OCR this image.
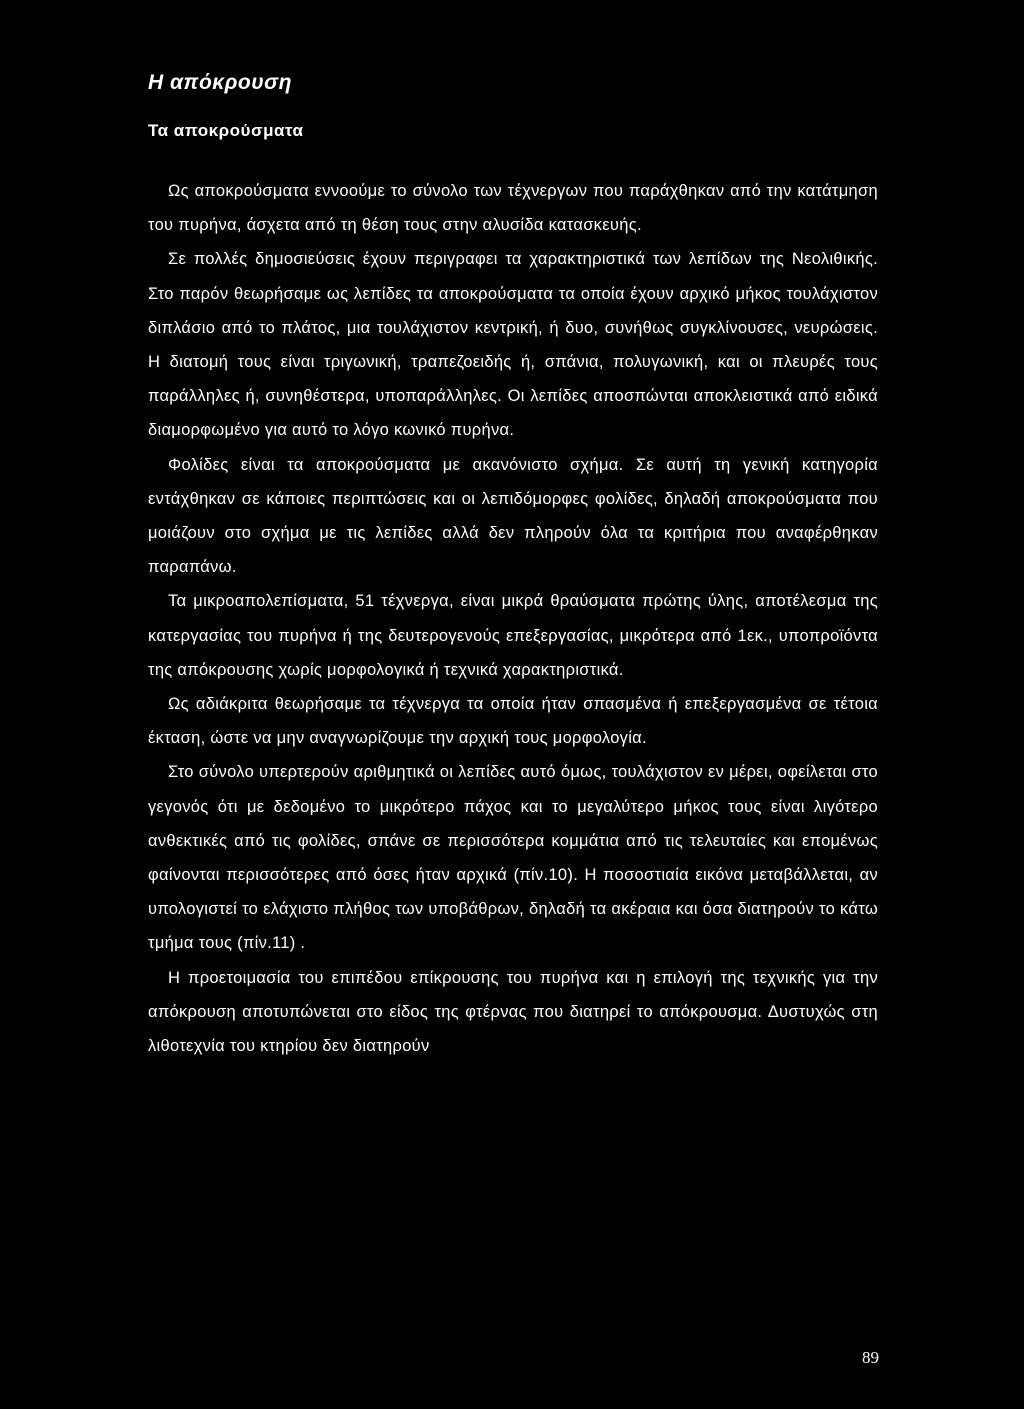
Η απόκρουση
Τα αποκρούσματα

Ως αποκρούσματα εννοούμε το σύνολο των τέχνεργων που παράχθηκαν από την κατάτμηση του πυρήνα, άσχετα από τη θέση τους στην αλυσίδα κατασκευής.

Σε πολλές δημοσιεύσεις έχουν περιγραφει τα χαρακτηριστικά των λεπίδων της Νεολιθικής. Στο παρόν θεωρήσαμε ως λεπίδες τα αποκρούσματα τα οποία έχουν αρχικό μήκος τουλάχιστον διπλάσιο από το πλάτος, μια τουλάχιστον κεντρική, ή δυο, συνήθως συγκλίνουσες, νευρώσεις. Η διατομή τους είναι τριγωνική, τραπεζοειδής ή, σπάνια, πολυγωνική, και οι πλευρές τους παράλληλες ή, συνηθέστερα, υποπαράλληλες. Οι λεπίδες αποσπώνται αποκλειστικά από ειδικά διαμορφωμένο για αυτό το λόγο κωνικό πυρήνα.

Φολίδες είναι τα αποκρούσματα με ακανόνιστο σχήμα. Σε αυτή τη γενική κατηγορία εντάχθηκαν σε κάποιες περιπτώσεις και οι λεπιδόμορφες φολίδες, δηλαδή αποκρούσματα που μοιάζουν στο σχήμα με τις λεπίδες αλλά δεν πληρούν όλα τα κριτήρια που αναφέρθηκαν παραπάνω.

Τα μικροαπολεπίσματα, 51 τέχνεργα, είναι μικρά θραύσματα πρώτης ύλης, αποτέλεσμα της κατεργασίας του πυρήνα ή της δευτερογενούς επεξεργασίας, μικρότερα από 1εκ., υποπροϊόντα της απόκρουσης χωρίς μορφολογικά ή τεχνικά χαρακτηριστικά.

Ως αδιάκριτα θεωρήσαμε τα τέχνεργα τα οποία ήταν σπασμένα ή επεξεργασμένα σε τέτοια έκταση, ώστε να μην αναγνωρίζουμε την αρχική τους μορφολογία.

Στο σύνολο υπερτερούν αριθμητικά οι λεπίδες αυτό όμως, τουλάχιστον εν μέρει, οφείλεται στο γεγονός ότι με δεδομένο το μικρότερο πάχος και το μεγαλύτερο μήκος τους είναι λιγότερο ανθεκτικές από τις φολίδες, σπάνε σε περισσότερα κομμάτια από τις τελευταίες και επομένως φαίνονται περισσότερες από όσες ήταν αρχικά (πίν.10). Η ποσοστιαία εικόνα μεταβάλλεται, αν υπολογιστεί το ελάχιστο πλήθος των υποβάθρων, δηλαδή τα ακέραια και όσα διατηρούν το κάτω τμήμα τους (πίν.11) .

Η προετοιμασία του επιπέδου επίκρουσης του πυρήνα και η επιλογή της τεχνικής για την απόκρουση αποτυπώνεται στο είδος της φτέρνας που διατηρεί το απόκρουσμα. Δυστυχώς στη λιθοτεχνία του κτηρίου δεν διατηρούν

89
